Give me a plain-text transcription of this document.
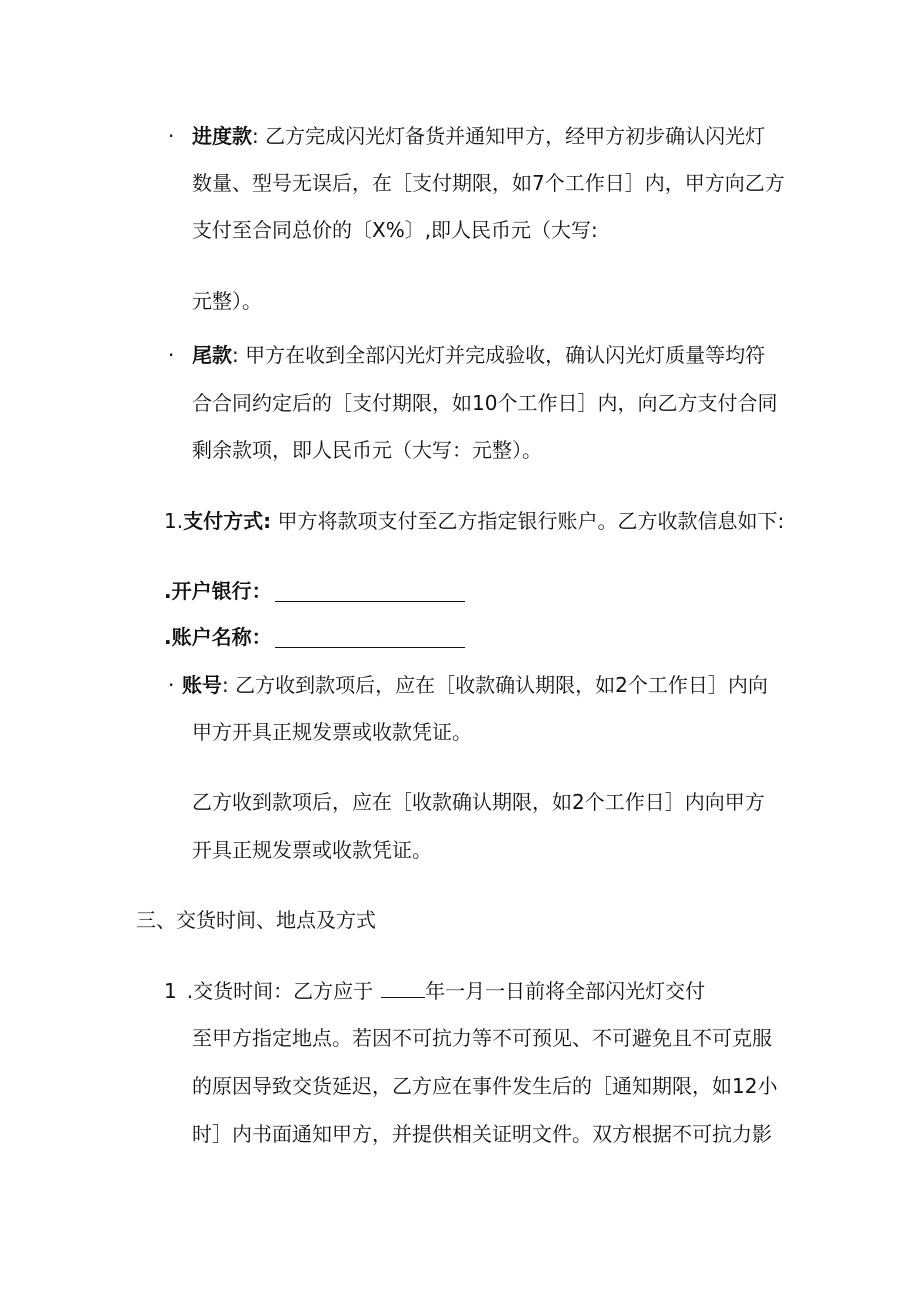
· 进度款: 乙方完成闪光灯备货并通知甲方，经甲方初步确认闪光灯
数量、型号无误后，在［支付期限，如7个工作日］内，甲方向乙方
支付至合同总价的〔X%〕,即人民币元（大写:
元整）。
· 尾款: 甲方在收到全部闪光灯并完成验收，确认闪光灯质量等均符
合合同约定后的［支付期限，如10个工作日］内，向乙方支付合同
剩余款项，即人民币元（大写：元整）。
1.支付方式: 甲方将款项支付至乙方指定银行账户。乙方收款信息如下:
.开户银行：
.账户名称：
· 账号: 乙方收到款项后，应在［收款确认期限，如2个工作日］内向
甲方开具正规发票或收款凭证。
乙方收到款项后，应在［收款确认期限，如2个工作日］内向甲方
开具正规发票或收款凭证。
三、交货时间、地点及方式
1 .交货时间：乙方应于	年一月一日前将全部闪光灯交付
至甲方指定地点。若因不可抗力等不可预见、不可避免且不可克服
的原因导致交货延迟，乙方应在事件发生后的［通知期限，如12小
时］内书面通知甲方，并提供相关证明文件。双方根据不可抗力影
